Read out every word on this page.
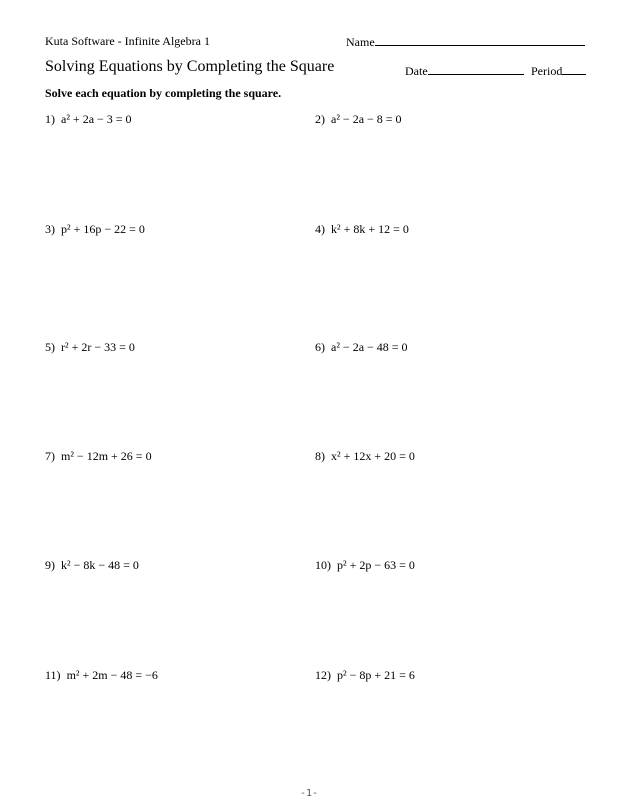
Kuta Software - Infinite Algebra 1	Name
Solving Equations by Completing the Square	Date	Period
Solve each equation by completing the square.
1) a² + 2a − 3 = 0	2) a² − 2a − 8 = 0
3) p² + 16p − 22 = 0	4) k² + 8k + 12 = 0
5) r² + 2r − 33 = 0	6) a² − 2a − 48 = 0
7) m² − 12m + 26 = 0	8) x² + 12x + 20 = 0
9) k² − 8k − 48 = 0	10) p² + 2p − 63 = 0
11) m² + 2m − 48 = −6	12) p² − 8p + 21 = 6
-1-
